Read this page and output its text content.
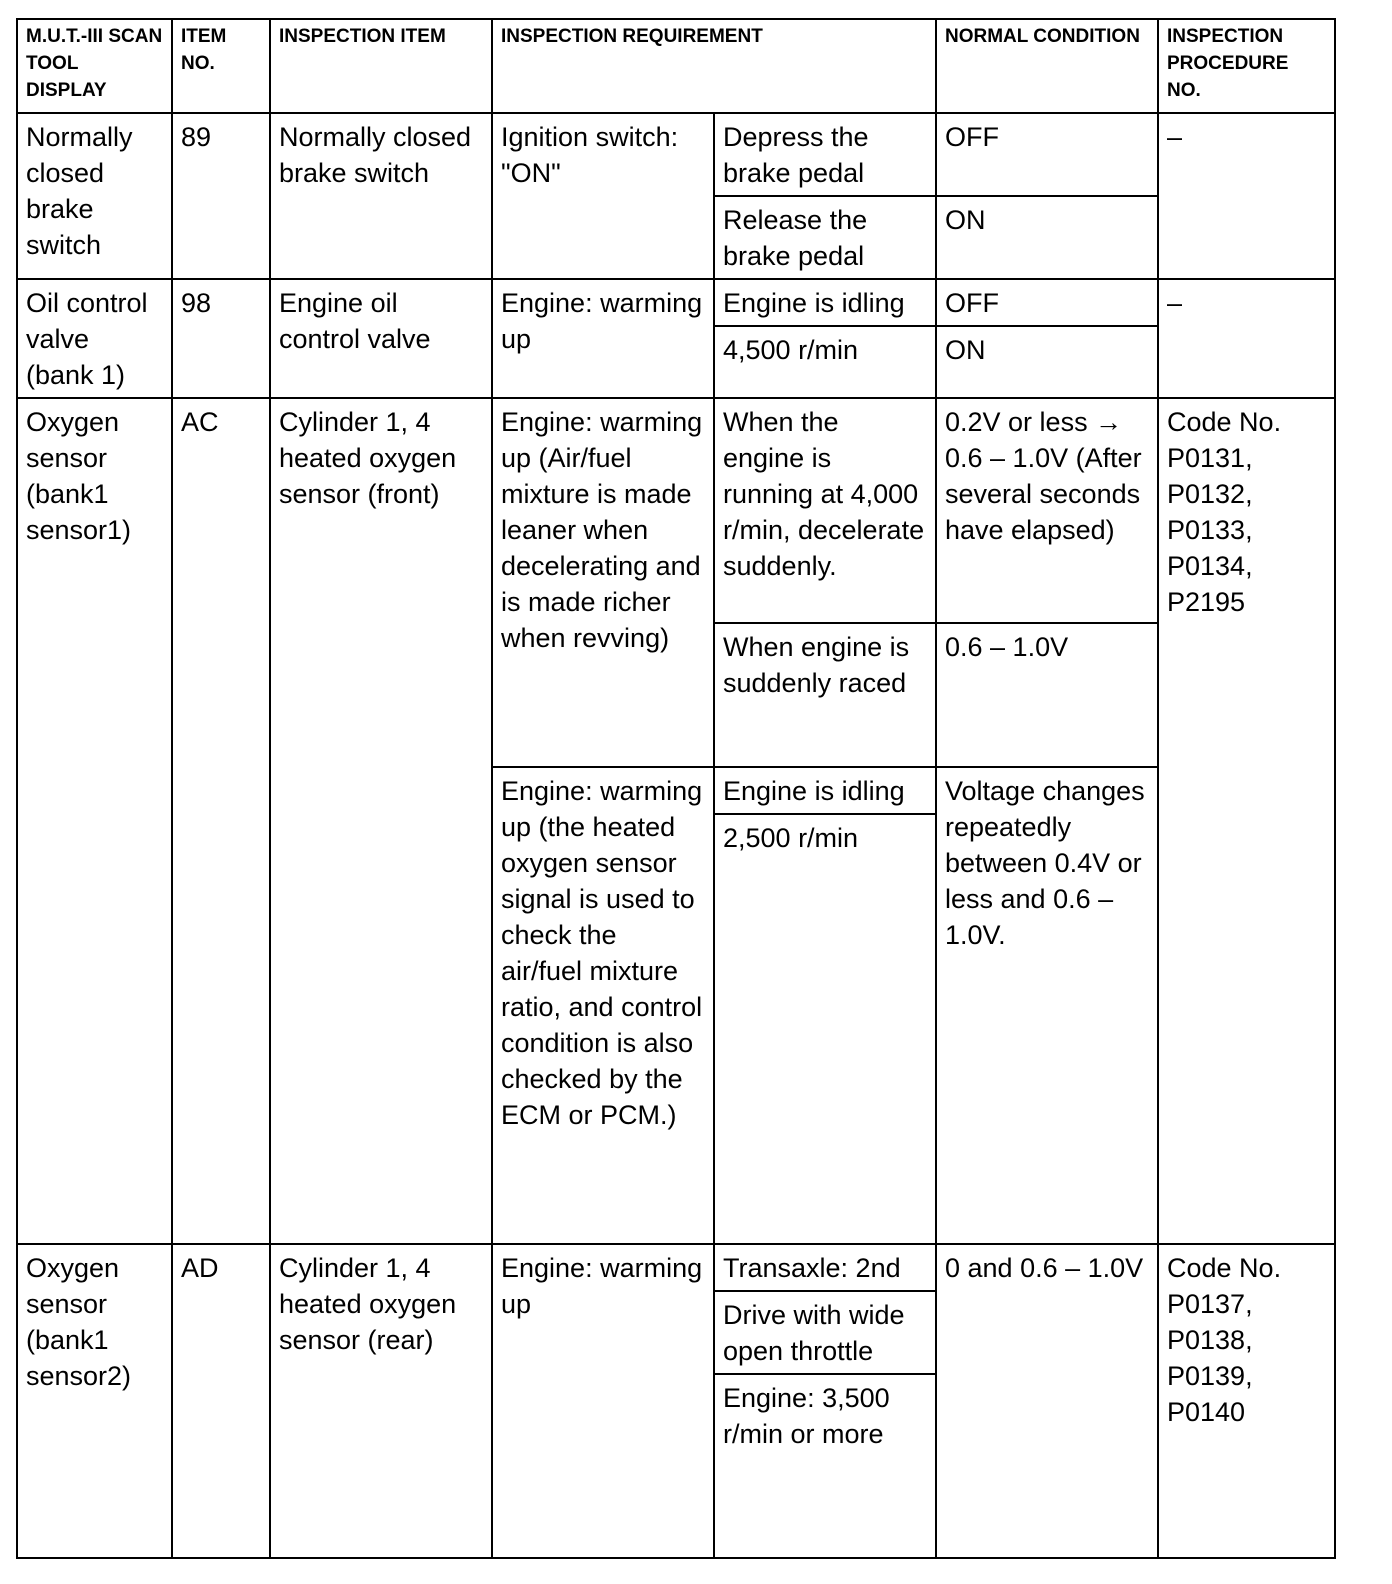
M.U.T.-III SCAN TOOL DISPLAY	ITEM NO.	INSPECTION ITEM	INSPECTION REQUIREMENT		NORMAL CONDITION	INSPECTION PROCEDURE NO.
Normally closed brake switch	89	Normally closed brake switch	Ignition switch: "ON"	Depress the brake pedal	OFF	–
				Release the brake pedal	ON	
Oil control valve (bank 1)	98	Engine oil control valve	Engine: warming up	Engine is idling	OFF	–
				4,500 r/min	ON	
Oxygen sensor (bank1 sensor1)	AC	Cylinder 1, 4 heated oxygen sensor (front)	Engine: warming up (Air/fuel mixture is made leaner when decelerating and is made richer when revving)	When the engine is running at 4,000 r/min, decelerate suddenly.	0.2V or less → 0.6 – 1.0V (After several seconds have elapsed)	Code No. P0131, P0132, P0133, P0134, P2195
				When engine is suddenly raced	0.6 – 1.0V	
			Engine: warming up (the heated oxygen sensor signal is used to check the air/fuel mixture ratio, and control condition is also checked by the ECM or PCM.)	Engine is idling	Voltage changes repeatedly between 0.4V or less and 0.6 –1.0V.	
				2,500 r/min		
Oxygen sensor (bank1 sensor2)	AD	Cylinder 1, 4 heated oxygen sensor (rear)	Engine: warming up	Transaxle: 2nd	0 and 0.6 – 1.0V	Code No. P0137, P0138, P0139, P0140
				Drive with wide open throttle		
				Engine: 3,500 r/min or more		
